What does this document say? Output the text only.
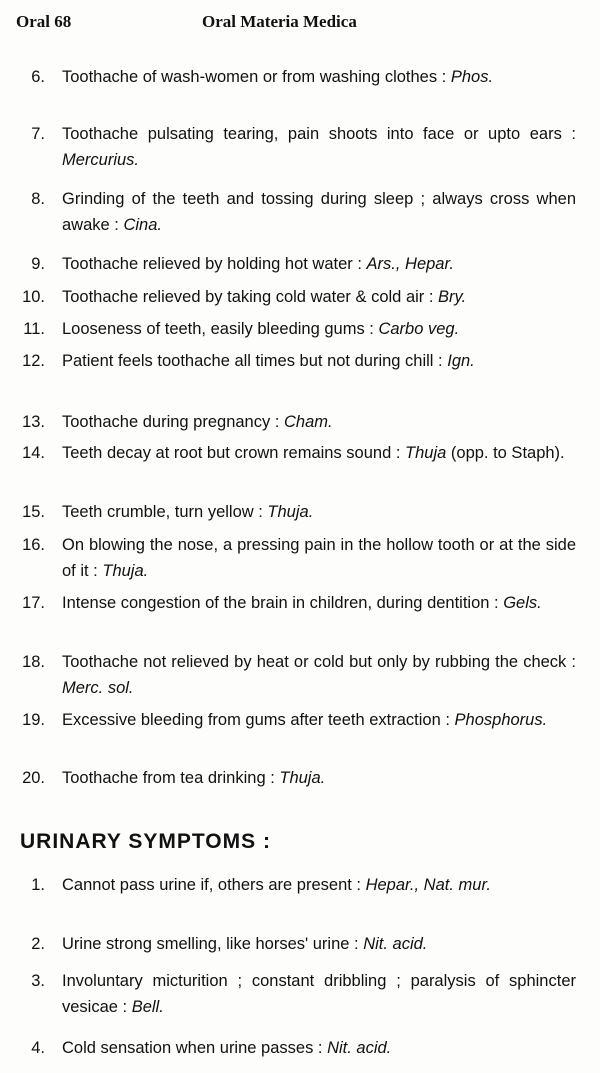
Oral 68	Oral Materia Medica
6. Toothache of wash-women or from washing clothes : Phos.
7. Toothache pulsating tearing, pain shoots into face or upto ears : Mercurius.
8. Grinding of the teeth and tossing during sleep ; always cross when awake : Cina.
9. Toothache relieved by holding hot water : Ars., Hepar.
10. Toothache relieved by taking cold water & cold air : Bry.
11. Looseness of teeth, easily bleeding gums : Carbo veg.
12. Patient feels toothache all times but not during chill : Ign.
13. Toothache during pregnancy : Cham.
14. Teeth decay at root but crown remains sound : Thuja (opp. to Staph).
15. Teeth crumble, turn yellow : Thuja.
16. On blowing the nose, a pressing pain in the hollow tooth or at the side of it : Thuja.
17. Intense congestion of the brain in children, during dentition : Gels.
18. Toothache not relieved by heat or cold but only by rubbing the check : Merc. sol.
19. Excessive bleeding from gums after teeth extraction : Phosphorus.
20. Toothache from tea drinking : Thuja.
URINARY SYMPTOMS :
1. Cannot pass urine if, others are present : Hepar., Nat. mur.
2. Urine strong smelling, like horses' urine : Nit. acid.
3. Involuntary micturition ; constant dribbling ; paralysis of sphincter vesicae : Bell.
4. Cold sensation when urine passes : Nit. acid.
